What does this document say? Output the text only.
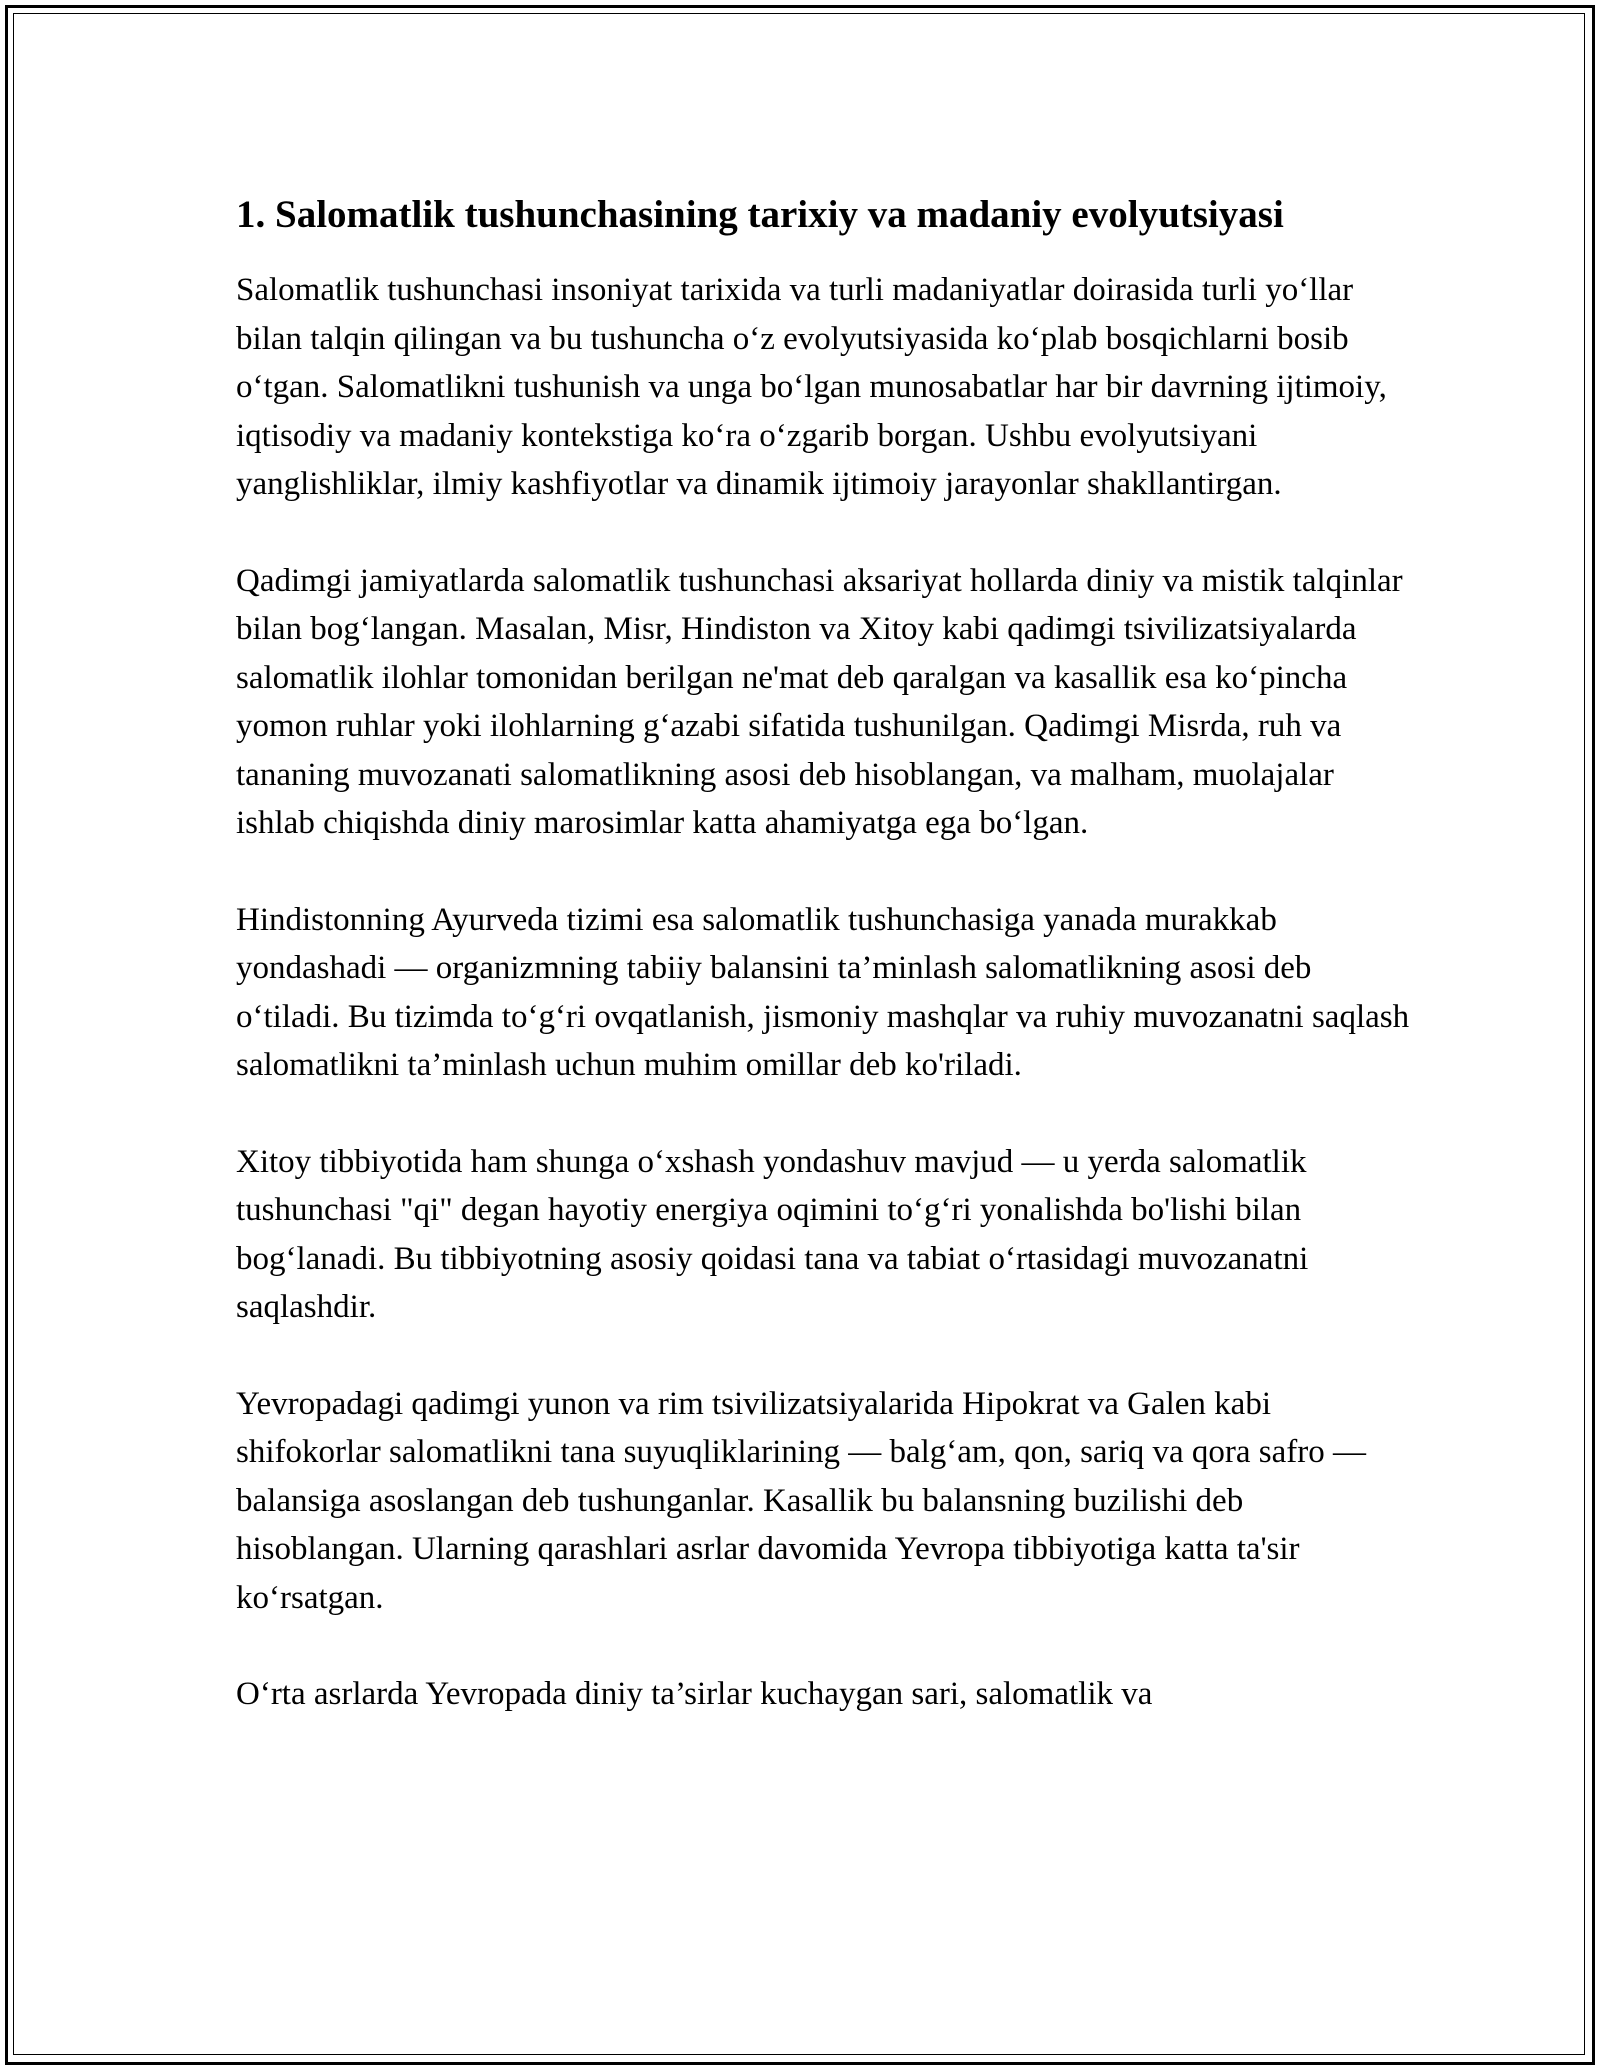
1. Salomatlik tushunchasining tarixiy va madaniy evolyutsiyasi

Salomatlik tushunchasi insoniyat tarixida va turli madaniyatlar doirasida turli yo‘llar bilan talqin qilingan va bu tushuncha o‘z evolyutsiyasida ko‘plab bosqichlarni bosib o‘tgan. Salomatlikni tushunish va unga bo‘lgan munosabatlar har bir davrning ijtimoiy, iqtisodiy va madaniy kontekstiga ko‘ra o‘zgarib borgan. Ushbu evolyutsiyani yanglishliklar, ilmiy kashfiyotlar va dinamik ijtimoiy jarayonlar shakllantirgan.

Qadimgi jamiyatlarda salomatlik tushunchasi aksariyat hollarda diniy va mistik talqinlar bilan bog‘langan. Masalan, Misr, Hindiston va Xitoy kabi qadimgi tsivilizatsiyalarda salomatlik ilohlar tomonidan berilgan ne'mat deb qaralgan va kasallik esa ko‘pincha yomon ruhlar yoki ilohlarning g‘azabi sifatida tushunilgan. Qadimgi Misrda, ruh va tananing muvozanati salomatlikning asosi deb hisoblangan, va malham, muolajalar ishlab chiqishda diniy marosimlar katta ahamiyatga ega bo‘lgan.

Hindistonning Ayurveda tizimi esa salomatlik tushunchasiga yanada murakkab yondashadi — organizmning tabiiy balansini ta’minlash salomatlikning asosi deb o‘tiladi. Bu tizimda to‘g‘ri ovqatlanish, jismoniy mashqlar va ruhiy muvozanatni saqlash salomatlikni ta’minlash uchun muhim omillar deb ko'riladi.

Xitoy tibbiyotida ham shunga o‘xshash yondashuv mavjud — u yerda salomatlik tushunchasi "qi" degan hayotiy energiya oqimini to‘g‘ri yonalishda bo'lishi bilan bog‘lanadi. Bu tibbiyotning asosiy qoidasi tana va tabiat o‘rtasidagi muvozanatni saqlashdir.

Yevropadagi qadimgi yunon va rim tsivilizatsiyalarida Hipokrat va Galen kabi shifokorlar salomatlikni tana suyuqliklarining — balg‘am, qon, sariq va qora safro — balansiga asoslangan deb tushunganlar. Kasallik bu balansning buzilishi deb hisoblangan. Ularning qarashlari asrlar davomida Yevropa tibbiyotiga katta ta'sir ko‘rsatgan.

O‘rta asrlarda Yevropada diniy ta’sirlar kuchaygan sari, salomatlik va
